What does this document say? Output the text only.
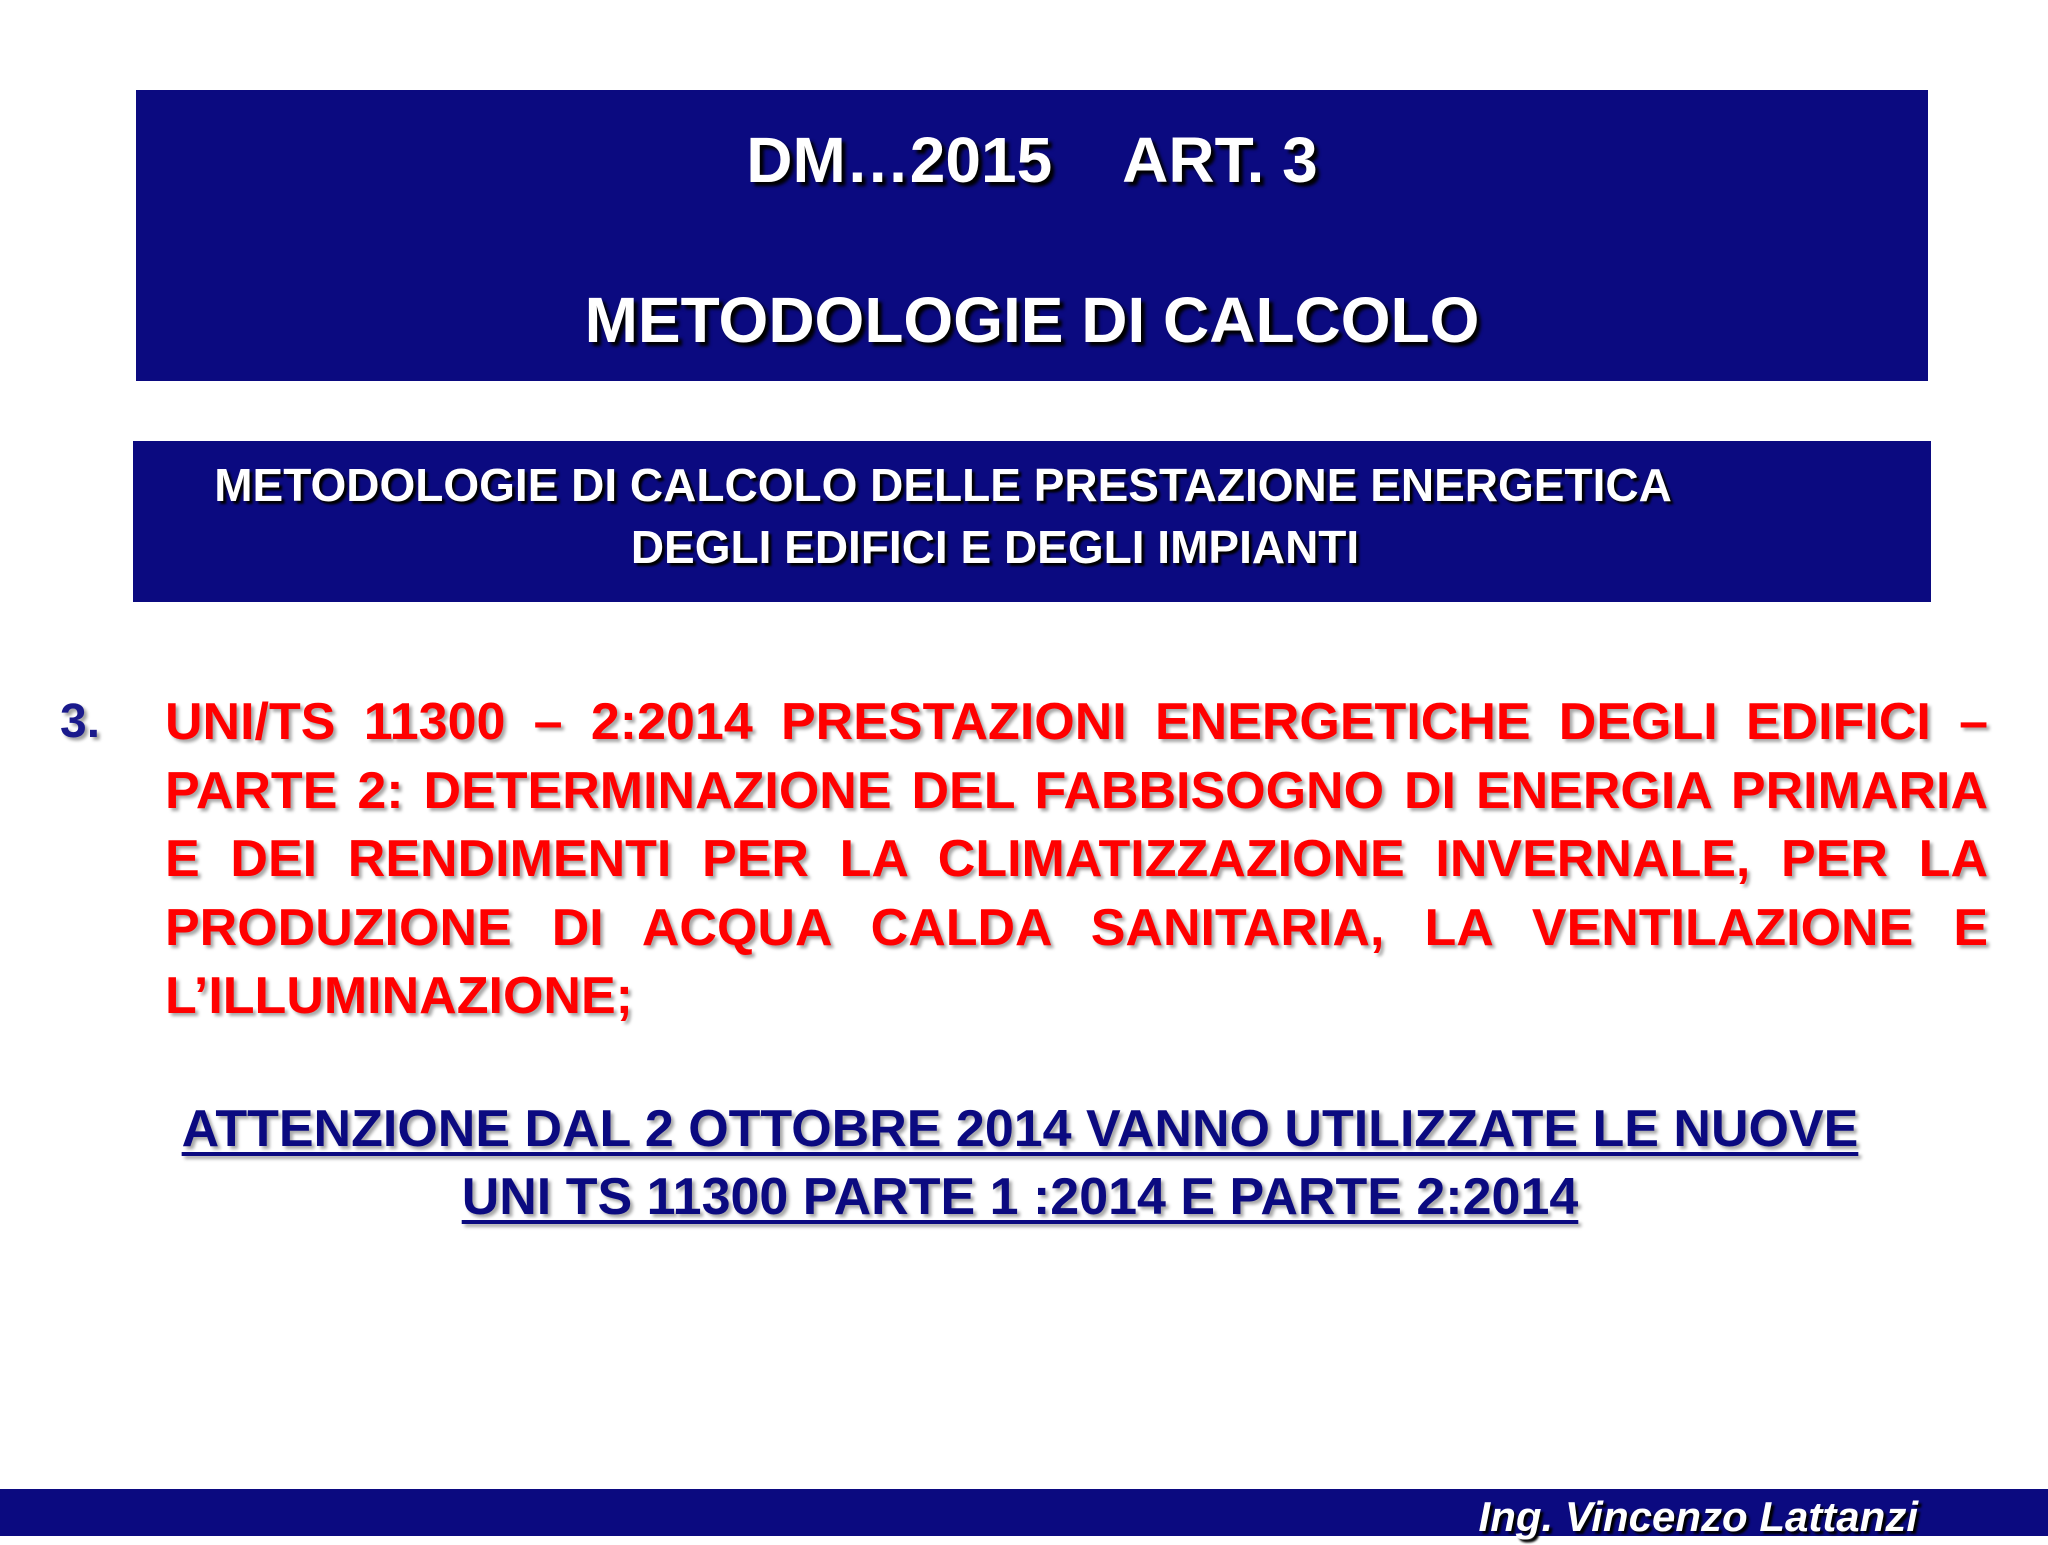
DM…2015 ART. 3
METODOLOGIE DI CALCOLO
METODOLOGIE DI CALCOLO DELLE PRESTAZIONE ENERGETICA
DEGLI EDIFICI E DEGLI IMPIANTI
3. UNI/TS 11300 – 2:2014 PRESTAZIONI ENERGETICHE DEGLI EDIFICI – PARTE 2: DETERMINAZIONE DEL FABBISOGNO DI ENERGIA PRIMARIA E DEI RENDIMENTI PER LA CLIMATIZZAZIONE INVERNALE, PER LA PRODUZIONE DI ACQUA CALDA SANITARIA, LA VENTILAZIONE E L’ILLUMINAZIONE;
ATTENZIONE DAL 2 OTTOBRE 2014 VANNO UTILIZZATE LE NUOVE
UNI TS 11300 PARTE 1 :2014 E PARTE 2:2014
Ing. Vincenzo Lattanzi
